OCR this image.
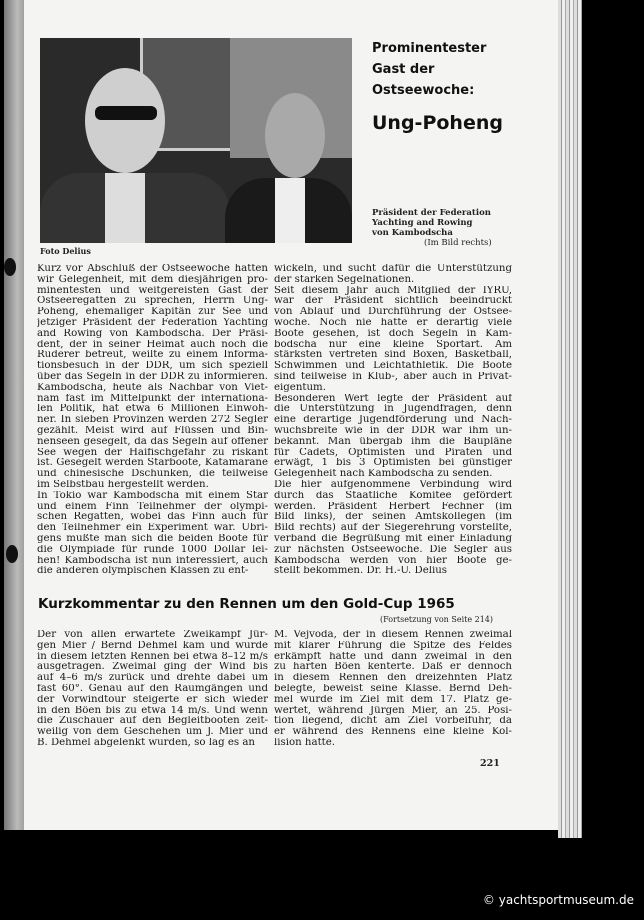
Prominentester
Gast der
Ostseewoche:
Ung-Poheng
Präsident der Federation
Yachting and Rowing
von Kambodscha
(Im Bild rechts)
Foto Delius
Kurz vor Abschluß der Ostseewoche hatten
wir Gelegenheit, mit dem diesjährigen pro-
minentesten und weitgereisten Gast der
Ostseeregatten zu sprechen, Herrn Ung-
Poheng, ehemaliger Kapitän zur See und
jetziger Präsident der Federation Yachting
and Rowing von Kambodscha. Der Präsi-
dent, der in seiner Heimat auch noch die
Ruderer betreut, weilte zu einem Informa-
tionsbesuch in der DDR, um sich speziell
über das Segeln in der DDR zu informieren.
Kambodscha, heute als Nachbar von Viet-
nam fast im Mittelpunkt der internationa-
len Politik, hat etwa 6 Millionen Einwoh-
ner. In sieben Provinzen werden 272 Segler
gezählt. Meist wird auf Flüssen und Bin-
nenseen gesegelt, da das Segeln auf offener
See wegen der Haifischgefahr zu riskant
ist. Gesegelt werden Starboote, Katamarane
und chinesische Dschunken, die teilweise
im Selbstbau hergestellt werden.
In Tokio war Kambodscha mit einem Star
und einem Finn Teilnehmer der olympi-
schen Regatten, wobei das Finn auch für
den Teilnehmer ein Experiment war. Übri-
gens mußte man sich die beiden Boote für
die Olympiade für runde 1000 Dollar lei-
hen! Kambodscha ist nun interessiert, auch
die anderen olympischen Klassen zu ent-
wickeln, und sucht dafür die Unterstützung
der starken Segelnationen.
Seit diesem Jahr auch Mitglied der IYRU,
war der Präsident sichtlich beeindruckt
von Ablauf und Durchführung der Ostsee-
woche. Noch nie hatte er derartig viele
Boote gesehen, ist doch Segeln in Kam-
bodscha nur eine kleine Sportart. Am
stärksten vertreten sind Boxen, Basketball,
Schwimmen und Leichtathletik. Die Boote
sind teilweise in Klub-, aber auch in Privat-
eigentum.
Besonderen Wert legte der Präsident auf
die Unterstützung in Jugendfragen, denn
eine derartige Jugendförderung und Nach-
wuchsbreite wie in der DDR war ihm un-
bekannt. Man übergab ihm die Baupläne
für Cadets, Optimisten und Piraten und
erwägt, 1 bis 3 Optimisten bei günstiger
Gelegenheit nach Kambodscha zu senden.
Die hier aufgenommene Verbindung wird
durch das Staatliche Komitee gefördert
werden. Präsident Herbert Fechner (im
Bild links), der seinen Amtskollegen (im
Bild rechts) auf der Siegerehrung vorstellte,
verband die Begrüßung mit einer Einladung
zur nächsten Ostseewoche. Die Segler aus
Kambodscha werden von hier Boote ge-
stellt bekommen. Dr. H.-U. Delius
Kurzkommentar zu den Rennen um den Gold-Cup 1965
(Fortsetzung von Seite 214)
Der von allen erwartete Zweikampf Jür-
gen Mier / Bernd Dehmel kam und wurde
in diesem letzten Rennen bei etwa 8–12 m/s
ausgetragen. Zweimal ging der Wind bis
auf 4–6 m/s zurück und drehte dabei um
fast 60°. Genau auf den Raumgängen und
der Vorwindtour steigerte er sich wieder
in den Böen bis zu etwa 14 m/s. Und wenn
die Zuschauer auf den Begleitbooten zeit-
weilig von dem Geschehen um J. Mier und
B. Dehmel abgelenkt wurden, so lag es an
M. Vejvoda, der in diesem Rennen zweimal
mit klarer Führung die Spitze des Feldes
erkämpft hatte und dann zweimal in den
zu harten Böen kenterte. Daß er dennoch
in diesem Rennen den dreizehnten Platz
belegte, beweist seine Klasse. Bernd Deh-
mel wurde im Ziel mit dem 17. Platz ge-
wertet, während Jürgen Mier, an 25. Posi-
tion liegend, dicht am Ziel vorbeifuhr, da
er während des Rennens eine kleine Kol-
lision hatte.
221
© yachtsportmuseum.de
